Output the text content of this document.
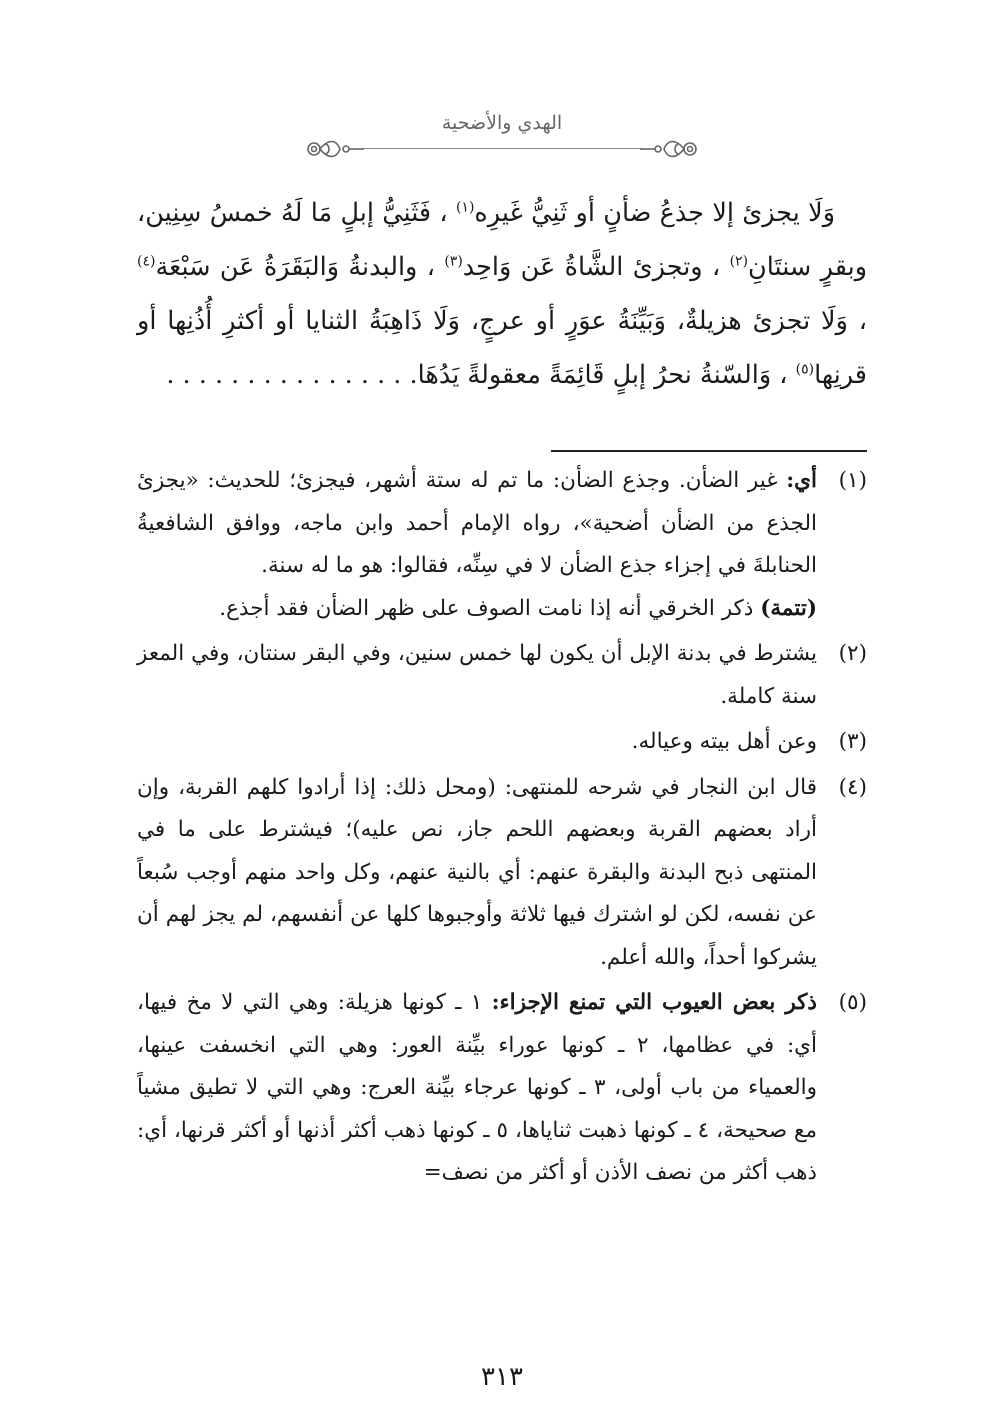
الهدي والأضحية

وَلَا يجزئ إلا جذعُ ضأنٍ أو ثَنِيُّ غَيرِه$^{(١)}$ ، فَثَنِيُّ إبلٍ مَا لَهُ خمسُ سِنِين، وبقرٍ سنتَانِ$^{(٢)}$ ، وتجزئ الشَّاةُ عَن وَاحِد$^{(٣)}$ ، والبدنةُ وَالبَقَرَةُ عَن سَبْعَة$^{(٤)}$ ، وَلَا تجزئ هزيلةٌ، وَبَيِّنَةُ عوَرٍ أو عرجٍ، وَلَا ذَاهِبَةُ الثنايا أو أكثرِ أُذُنِها أو قرنِها$^{(٥)}$ ، وَالسّنةُ نحرُ إبلٍ قَائِمَةً معقولةً يَدُهَا. . . . . . . . . . . . . . . .

(١)
أي: غير الضأن. وجذع الضأن: ما تم له ستة أشهر، فيجزئ؛ للحديث: «يجزئ الجذع من الضأن أضحية»، رواه الإمام أحمد وابن ماجه، ووافق الشافعيةُ الحنابلةَ في إجزاء جذع الضأن لا في سِنِّه، فقالوا: هو ما له سنة.
(تتمة) ذكر الخرقي أنه إذا نامت الصوف على ظهر الضأن فقد أجذع.
(٢)
يشترط في بدنة الإبل أن يكون لها خمس سنين، وفي البقر سنتان، وفي المعز سنة كاملة.
(٣)
وعن أهل بيته وعياله.
(٤)
قال ابن النجار في شرحه للمنتهى: (ومحل ذلك: إذا أرادوا كلهم القربة، وإن أراد بعضهم القربة وبعضهم اللحم جاز، نص عليه)؛ فيشترط على ما في المنتهى ذبح البدنة والبقرة عنهم: أي بالنية عنهم، وكل واحد منهم أوجب سُبعاً عن نفسه، لكن لو اشترك فيها ثلاثة وأوجبوها كلها عن أنفسهم، لم يجز لهم أن يشركوا أحداً، والله أعلم.
(٥)
ذكر بعض العيوب التي تمنع الإجزاء: ١ ـ كونها هزيلة: وهي التي لا مخ فيها، أي: في عظامها، ٢ ـ كونها عوراء بيِّنة العور: وهي التي انخسفت عينها، والعمياء من باب أولى، ٣ ـ كونها عرجاء بيِّنة العرج: وهي التي لا تطيق مشياً مع صحيحة، ٤ ـ كونها ذهبت ثناياها، ٥ ـ كونها ذهب أكثر أذنها أو أكثر قرنها، أي: ذهب أكثر من نصف الأذن أو أكثر من نصف=
٣١٣
